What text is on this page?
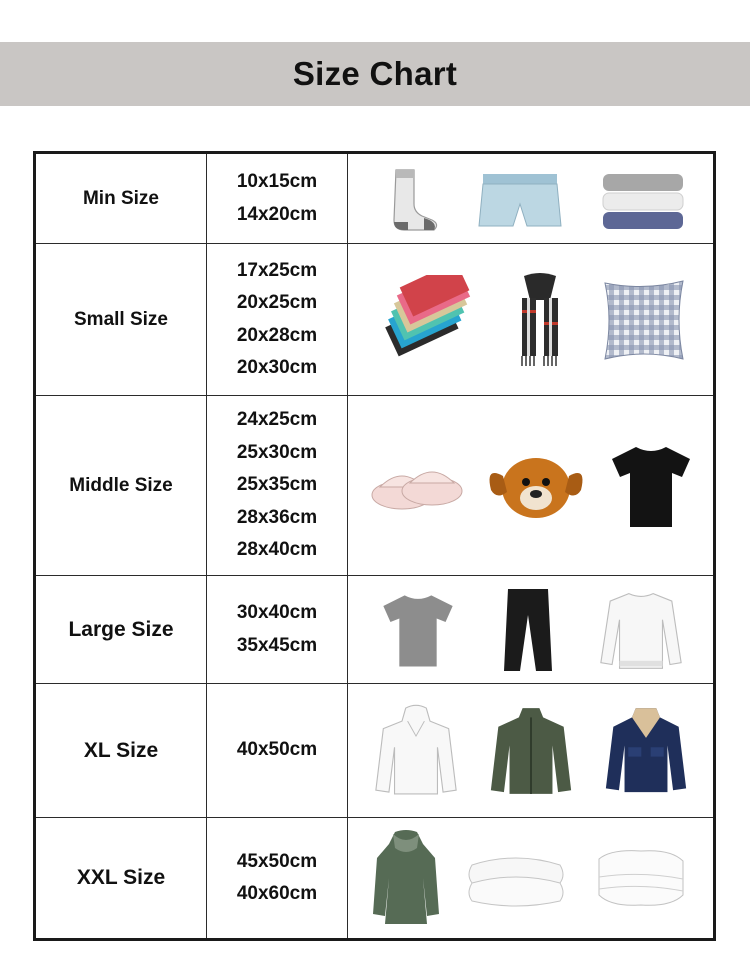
Size Chart
Min Size	10x15cm
14x20cm

Small Size	17x25cm
20x25cm
20x28cm
20x30cm

Middle Size	24x25cm
25x30cm
25x35cm
28x36cm
28x40cm

Large Size	30x40cm
35x45cm

XL Size	40x50cm

XXL Size	45x50cm
40x60cm
